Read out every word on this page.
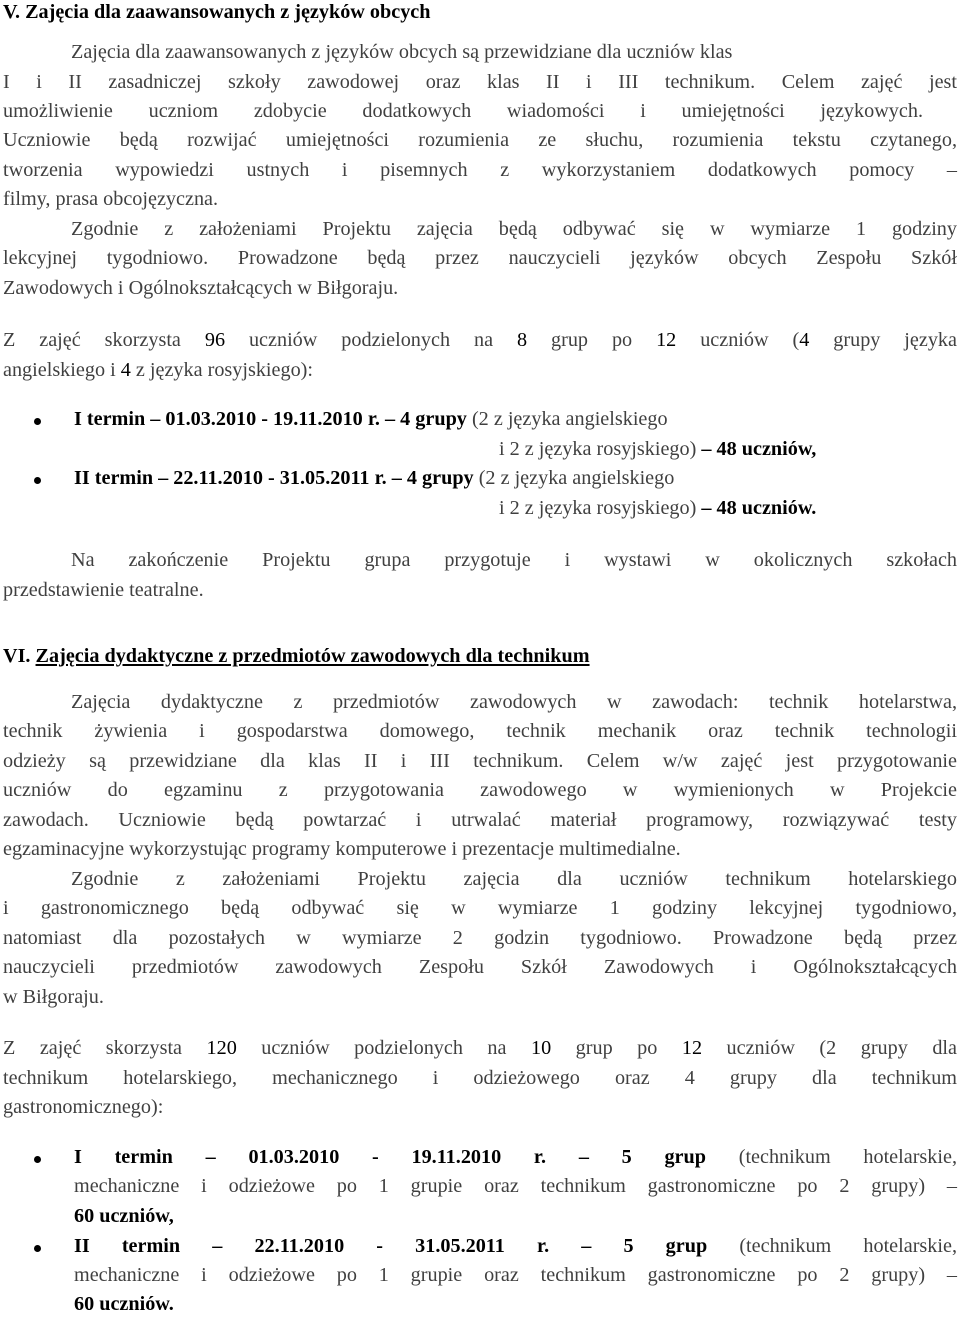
V. Zajęcia dla zaawansowanych z języków obcych
Zajęcia dla zaawansowanych z języków obcych są przewidziane dla uczniów klas
I i II zasadniczej szkoły zawodowej oraz klas II i III technikum. Celem zajęć jest
umożliwienie uczniom zdobycie dodatkowych wiadomości i umiejętności językowych.
Uczniowie będą rozwijać umiejętności rozumienia ze słuchu, rozumienia tekstu czytanego,
tworzenia wypowiedzi ustnych i pisemnych z wykorzystaniem dodatkowych pomocy –
filmy, prasa obcojęzyczna.
Zgodnie z założeniami Projektu zajęcia będą odbywać się w wymiarze 1 godziny
lekcyjnej tygodniowo. Prowadzone będą przez nauczycieli języków obcych Zespołu Szkół
Zawodowych i Ogólnokształcących w Biłgoraju.
Z zajęć skorzysta 96 uczniów podzielonych na 8 grup po 12 uczniów (4 grupy języka
angielskiego i 4 z języka rosyjskiego):
I termin – 01.03.2010 - 19.11.2010 r. – 4 grupy (2 z języka angielskiego
i 2 z języka rosyjskiego) – 48 uczniów,
II termin – 22.11.2010 - 31.05.2011 r. – 4 grupy (2 z języka angielskiego
i 2 z języka rosyjskiego) – 48 uczniów.
Na zakończenie Projektu grupa przygotuje i wystawi w okolicznych szkołach
przedstawienie teatralne.
VI. Zajęcia dydaktyczne z przedmiotów zawodowych dla technikum
Zajęcia dydaktyczne z przedmiotów zawodowych w zawodach: technik hotelarstwa,
technik żywienia i gospodarstwa domowego, technik mechanik oraz technik technologii
odzieży są przewidziane dla klas II i III technikum. Celem w/w zajęć jest przygotowanie
uczniów do egzaminu z przygotowania zawodowego w wymienionych w Projekcie
zawodach. Uczniowie będą powtarzać i utrwalać materiał programowy, rozwiązywać testy
egzaminacyjne wykorzystując programy komputerowe i prezentacje multimedialne.
Zgodnie z założeniami Projektu zajęcia dla uczniów technikum hotelarskiego
i gastronomicznego będą odbywać się w wymiarze 1 godziny lekcyjnej tygodniowo,
natomiast dla pozostałych w wymiarze 2 godzin tygodniowo. Prowadzone będą przez
nauczycieli przedmiotów zawodowych Zespołu Szkół Zawodowych i Ogólnokształcących
w Biłgoraju.
Z zajęć skorzysta 120 uczniów podzielonych na 10 grup po 12 uczniów (2 grupy dla
technikum hotelarskiego, mechanicznego i odzieżowego oraz 4 grupy dla technikum
gastronomicznego):
I termin – 01.03.2010 - 19.11.2010 r. – 5 grup (technikum hotelarskie,
mechaniczne i odzieżowe po 1 grupie oraz technikum gastronomiczne po 2 grupy) –
60 uczniów,
II termin – 22.11.2010 - 31.05.2011 r. – 5 grup (technikum hotelarskie,
mechaniczne i odzieżowe po 1 grupie oraz technikum gastronomiczne po 2 grupy) –
60 uczniów.
